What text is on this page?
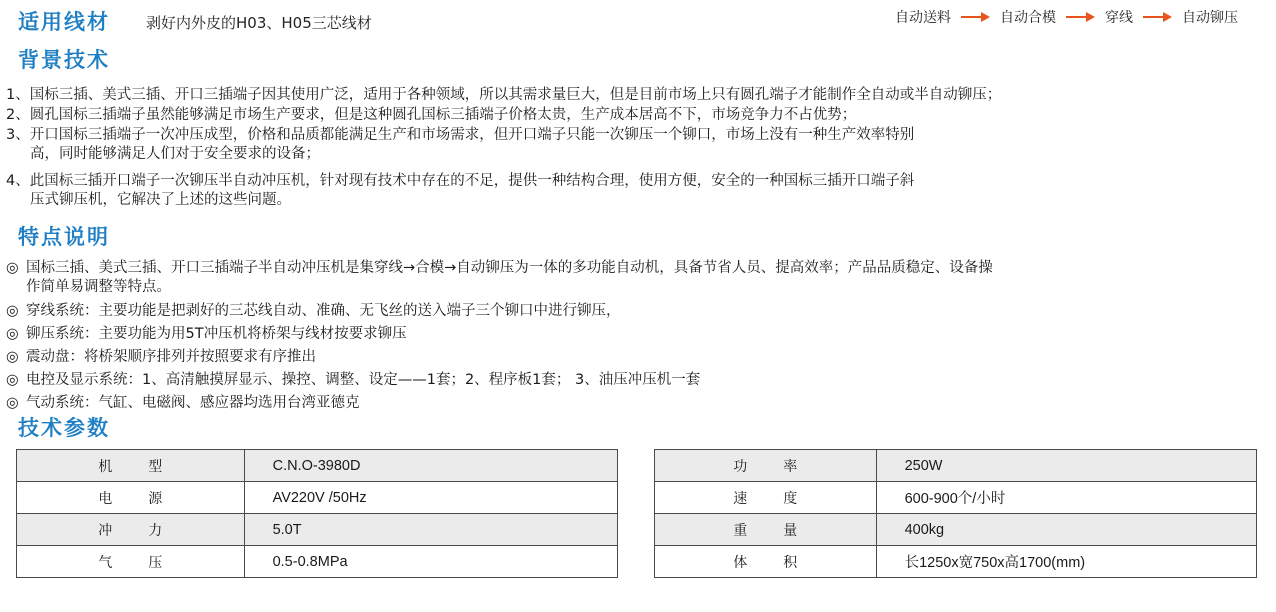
适用线材 剥好内外皮的H03、H05三芯线材	自动送料	自动合模	穿线	自动铆压
背景技术
1、国标三插、美式三插、开口三插端子因其使用广泛，适用于各种领域，所以其需求量巨大，但是目前市场上只有圆孔端子才能制作全自动或半自动铆压；
2、圆孔国标三插端子虽然能够满足市场生产要求，但是这种圆孔国标三插端子价格太贵，生产成本居高不下，市场竞争力不占优势；
3、开口国标三插端子一次冲压成型，价格和品质都能满足生产和市场需求，但开口端子只能一次铆压一个铆口，市场上没有一种生产效率特别
高，同时能够满足人们对于安全要求的设备；
4、此国标三插开口端子一次铆压半自动冲压机，针对现有技术中存在的不足，提供一种结构合理，使用方便，安全的一种国标三插开口端子斜
压式铆压机，它解决了上述的这些问题。
特点说明
◎ 国标三插、美式三插、开口三插端子半自动冲压机是集穿线→合模→自动铆压为一体的多功能自动机，具备节省人员、提高效率；产品品质稳定、设备操
作简单易调整等特点。
◎ 穿线系统：主要功能是把剥好的三芯线自动、准确、无飞丝的送入端子三个铆口中进行铆压，
◎ 铆压系统：主要功能为用5T冲压机将桥架与线材按要求铆压
◎ 震动盘：将桥架顺序排列并按照要求有序推出
◎ 电控及显示系统：1、高清触摸屏显示、操控、调整、设定——1套；2、程序板1套； 3、油压冲压机一套
◎ 气动系统：气缸、电磁阀、感应器均选用台湾亚德克
技术参数
机 型	C.N.O-3980D
电 源	AV220V /50Hz
冲 力	5.0T
气 压	0.5-0.8MPa
功 率	250W
速 度	600-900个/小时
重 量	400kg
体 积	长1250x宽750x高1700(mm)
